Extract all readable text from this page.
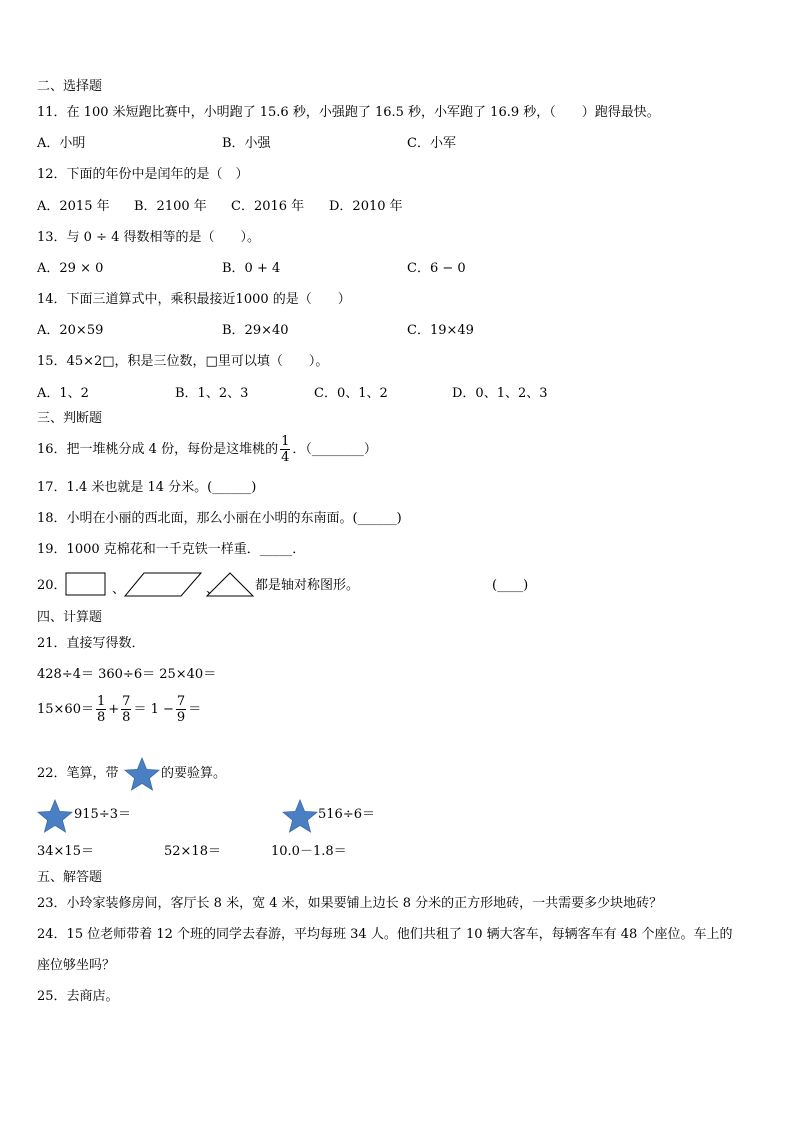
二、选择题
11．在 100 米短跑比赛中，小明跑了 15.6 秒，小强跑了 16.5 秒，小军跑了 16.9 秒，（　　）跑得最快。
A．小明	B．小强	C．小军
12．下面的年份中是闰年的是（　）
A．2015 年 B．2100 年 C．2016 年 D．2010 年
13．与 0 ÷ 4 得数相等的是（　　）。
A．29 × 0	B．0 + 4	C．6 − 0
14．下面三道算式中，乘积最接近1000 的是（　　）
A．20×59	B．29×40	C．19×49
15．45×2□，积是三位数，□里可以填（　　）。
A．1、2	B．1、2、3	C．0、1、2	D．0、1、2、3
三、判断题
16．把一堆桃分成 4 份，每份是这堆桃的 $\frac{1}{4}$ ．（________）
17．1.4 米也就是 14 分米。(______)
18．小明在小丽的西北面，那么小丽在小明的东南面。(______)
19．1000 克棉花和一千克铁一样重．_____．
20．	、	、	都是轴对称图形。	(____)
四、计算题
21．直接写得数．
428÷4＝ 360÷6＝ 25×40＝
$15\times 60= \frac{1}{8} + \frac{7}{8} = 1 - \frac{7}{9}$ ＝
22．笔算，带	的要验算。
915÷3＝	516÷6＝
34×15＝	52×18＝	10.0－1.8＝
五、解答题
23．小玲家装修房间，客厅长 8 米，宽 4 米，如果要铺上边长 8 分米的正方形地砖，一共需要多少块地砖？
24．15 位老师带着 12 个班的同学去春游，平均每班 34 人。他们共租了 10 辆大客车，每辆客车有 48 个座位。车上的
座位够坐吗？
25．去商店。
